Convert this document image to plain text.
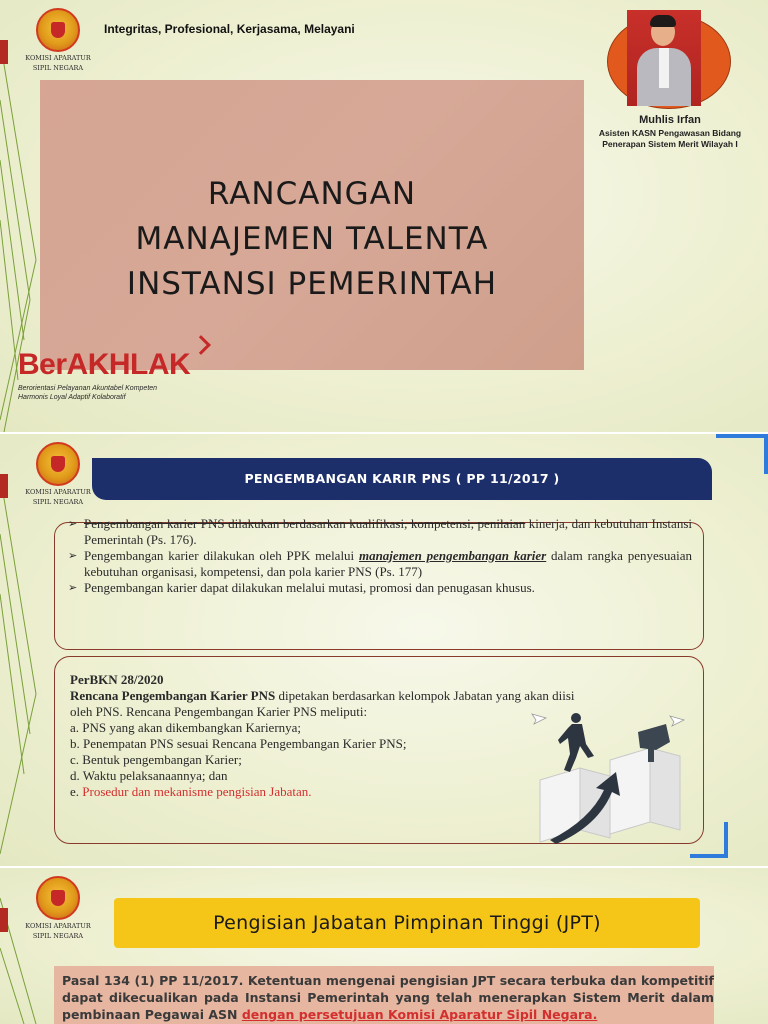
KOMISI APARATUR
SIPIL NEGARA
Integritas, Profesional, Kerjasama, Melayani
RANCANGAN
MANAJEMEN TALENTA
INSTANSI PEMERINTAH
Muhlis Irfan
Asisten KASN Pengawasan Bidang
Penerapan Sistem Merit Wilayah I
BerAKHLAK
Berorientasi Pelayanan Akuntabel Kompeten
Harmonis Loyal Adaptif Kolaboratif
KOMISI APARATUR
SIPIL NEGARA
PENGEMBANGAN KARIR PNS ( PP 11/2017 )
➢ Pengembangan karier PNS dilakukan berdasarkan kualifikasi, kompetensi, penilaian kinerja, dan kebutuhan Instansi Pemerintah (Ps. 176).
➢ Pengembangan karier dilakukan oleh PPK melalui manajemen pengembangan karier dalam rangka penyesuaian kebutuhan organisasi, kompetensi, dan pola karier PNS (Ps. 177)
➢ Pengembangan karier dapat dilakukan melalui mutasi, promosi dan penugasan khusus.
PerBKN 28/2020
Rencana Pengembangan Karier PNS dipetakan berdasarkan kelompok Jabatan yang akan diisi
oleh PNS. Rencana Pengembangan Karier PNS meliputi:
a. PNS yang akan dikembangkan Kariernya;
b. Penempatan PNS sesuai Rencana Pengembangan Karier PNS;
c. Bentuk pengembangan Karier;
d. Waktu pelaksanaannya; dan
e. Prosedur dan mekanisme pengisian Jabatan.
KOMISI APARATUR
SIPIL NEGARA
Pengisian Jabatan Pimpinan Tinggi (JPT)
Pasal 134 (1) PP 11/2017. Ketentuan mengenai pengisian JPT secara terbuka dan kompetitif dapat dikecualikan pada Instansi Pemerintah yang telah menerapkan Sistem Merit dalam pembinaan Pegawai ASN dengan persetujuan Komisi Aparatur Sipil Negara.
